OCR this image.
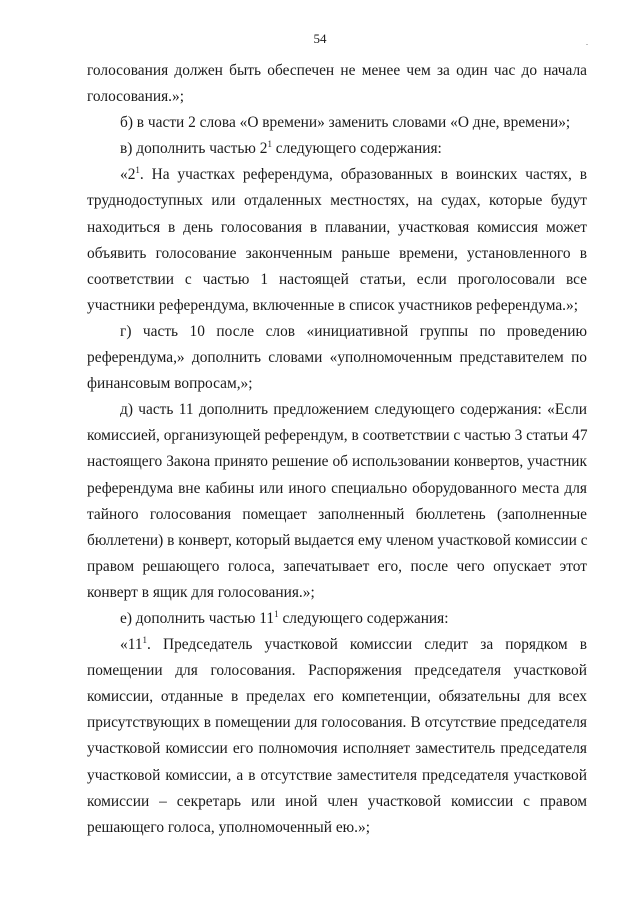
54	.
голосования должен быть обеспечен не менее чем за один час до начала
голосования.»;
б) в части 2 слова «О времени» заменить словами «О дне, времени»;
в) дополнить частью $2^1$ следующего содержания:
«$2^1$. На участках референдума, образованных в воинских частях, в
труднодоступных или отдаленных местностях, на судах, которые будут
находиться в день голосования в плавании, участковая комиссия может
объявить голосование законченным раньше времени, установленного в
соответствии с частью 1 настоящей статьи, если проголосовали все
участники референдума, включенные в список участников референдума.»;
г) часть 10 после слов «инициативной группы по проведению
референдума,» дополнить словами «уполномоченным представителем по
финансовым вопросам,»;
д) часть 11 дополнить предложением следующего содержания: «Если
комиссией, организующей референдум, в соответствии с частью 3 статьи 47
настоящего Закона принято решение об использовании конвертов, участник
референдума вне кабины или иного специально оборудованного места для
тайного голосования помещает заполненный бюллетень (заполненные
бюллетени) в конверт, который выдается ему членом участковой комиссии с
правом решающего голоса, запечатывает его, после чего опускает этот
конверт в ящик для голосования.»;
е) дополнить частью $11^1$ следующего содержания:
«$11^1$. Председатель участковой комиссии следит за порядком в
помещении для голосования. Распоряжения председателя участковой
комиссии, отданные в пределах его компетенции, обязательны для всех
присутствующих в помещении для голосования. В отсутствие председателя
участковой комиссии его полномочия исполняет заместитель председателя
участковой комиссии, а в отсутствие заместителя председателя участковой
комиссии – секретарь или иной член участковой комиссии с правом
решающего голоса, уполномоченный ею.»;
